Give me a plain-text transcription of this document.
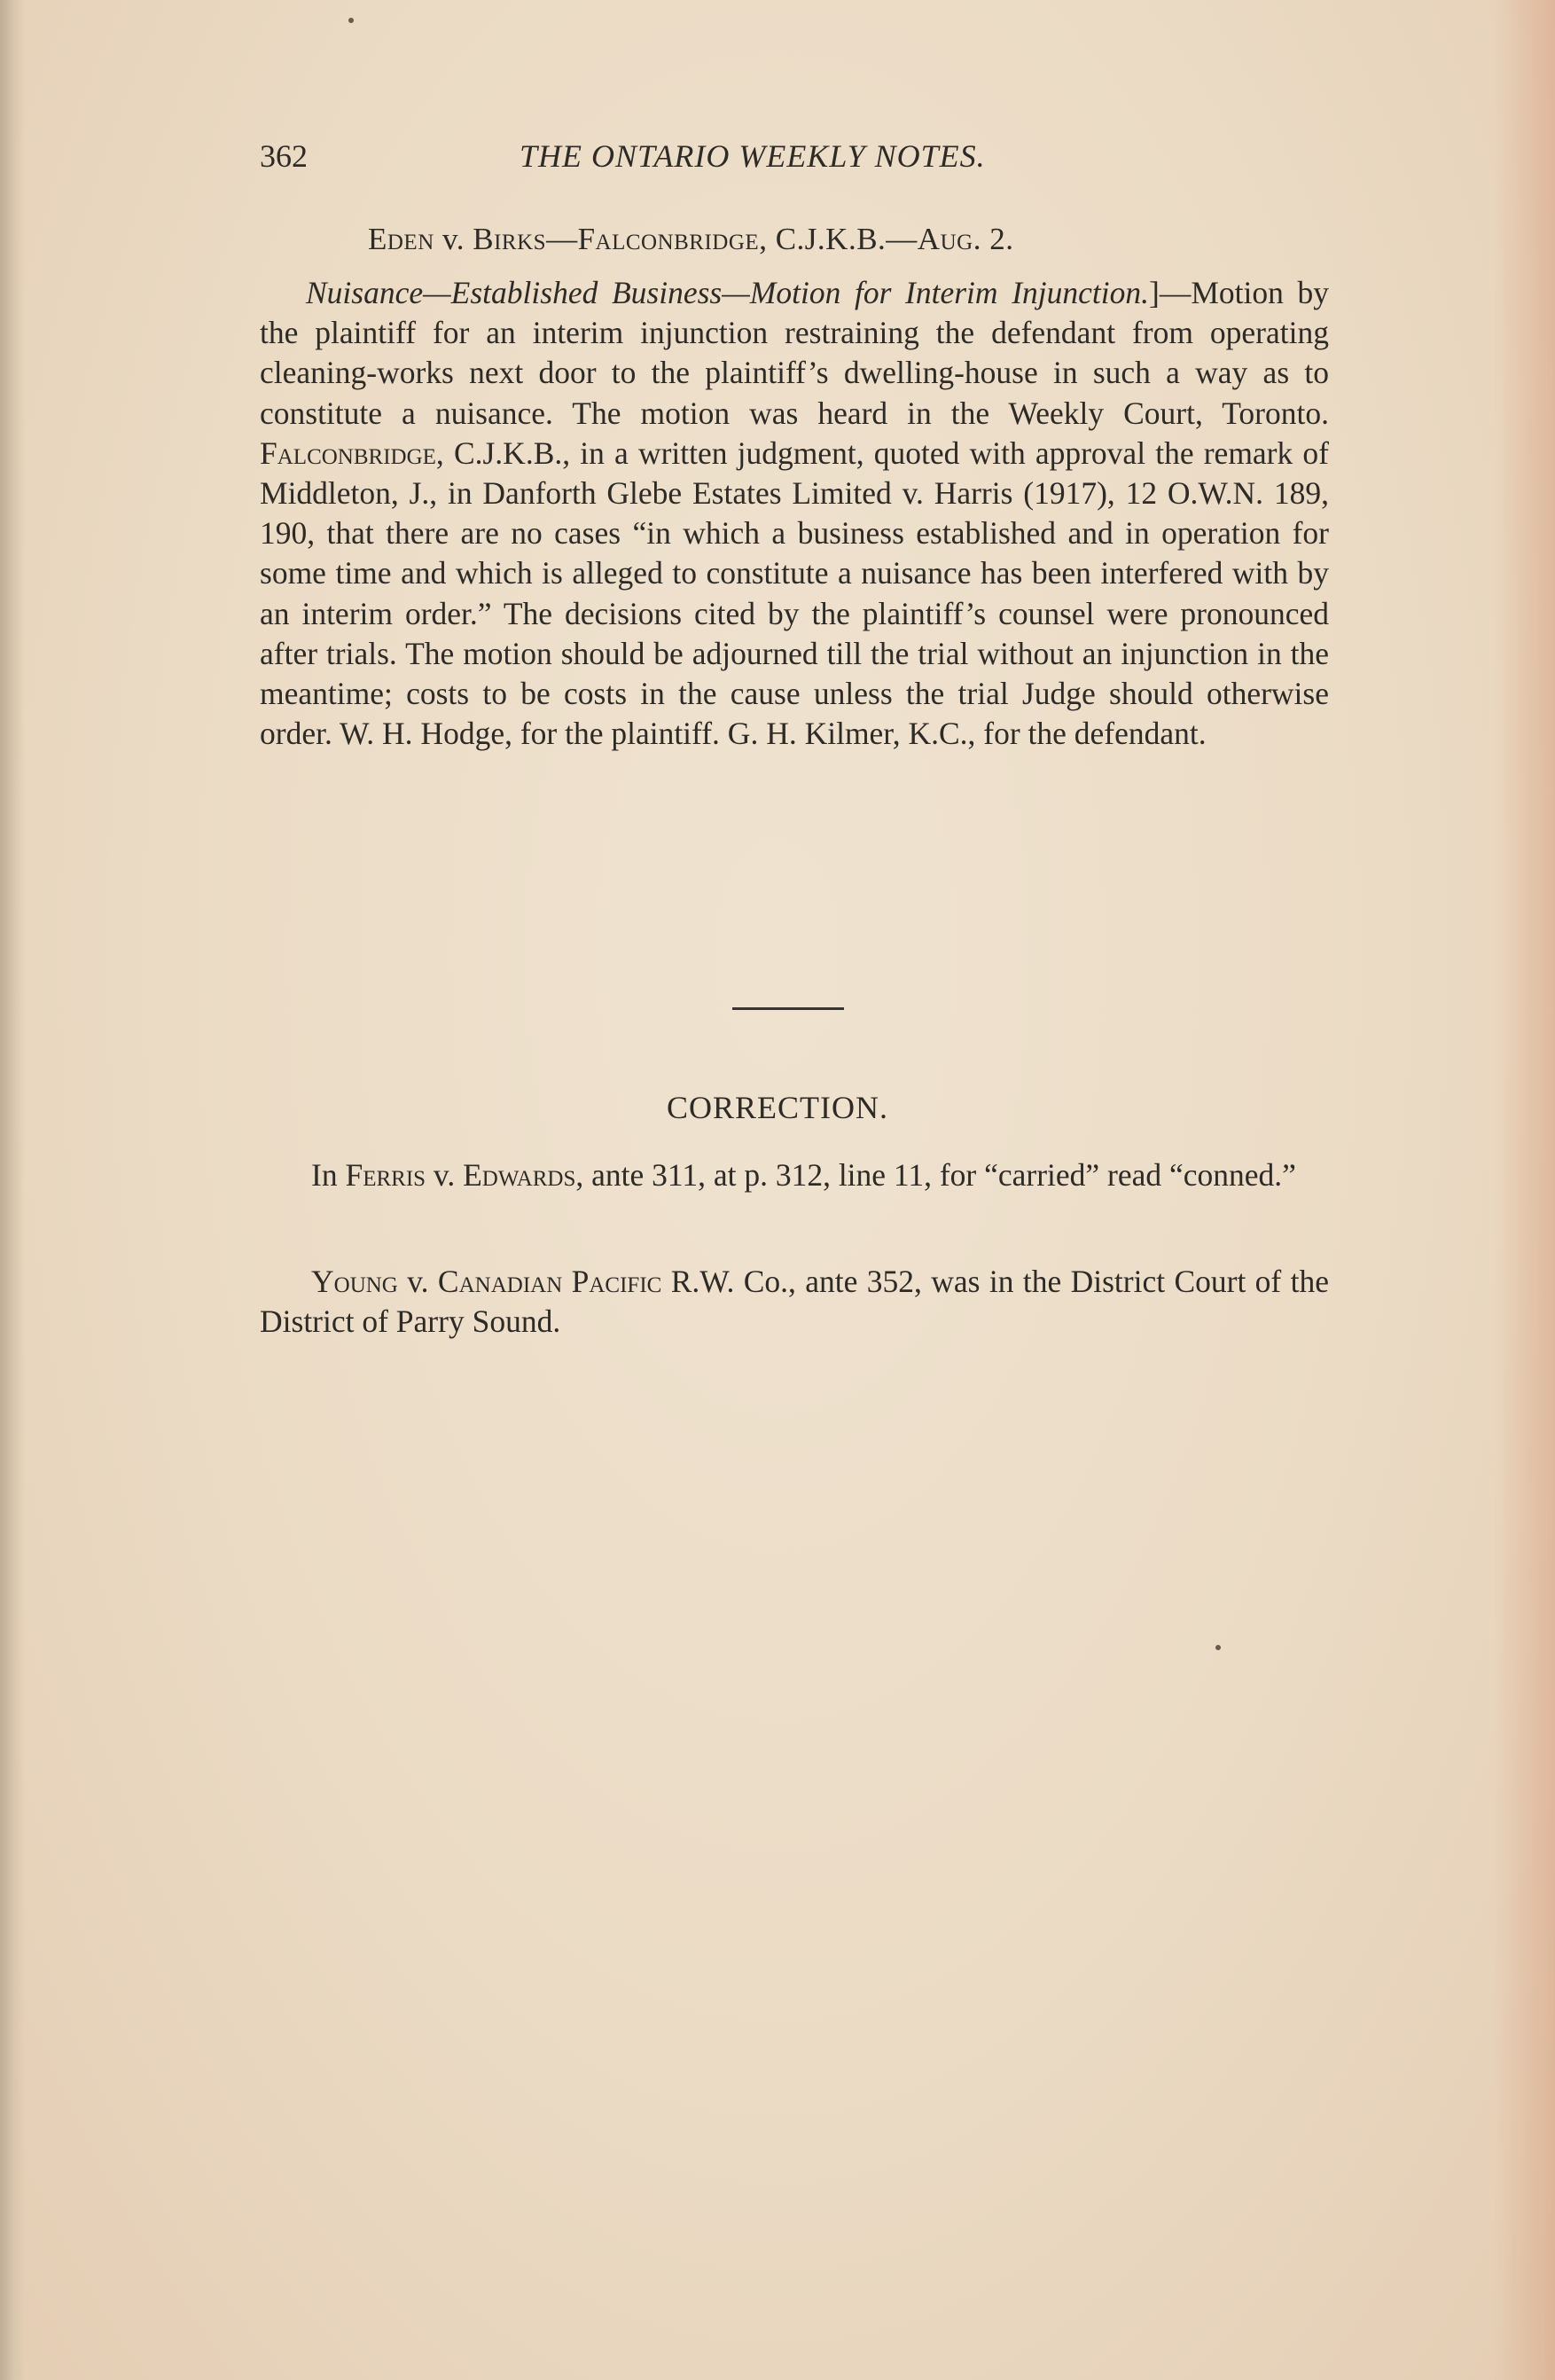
362	THE ONTARIO WEEKLY NOTES.
Eden v. Birks—Falconbridge, C.J.K.B.—Aug. 2.

Nuisance—Established Business—Motion for Interim Injunction.]—Motion by the plaintiff for an interim injunction restraining the defendant from operating cleaning-works next door to the plaintiff’s dwelling-house in such a way as to constitute a nuisance. The motion was heard in the Weekly Court, Toronto. Falconbridge, C.J.K.B., in a written judgment, quoted with approval the remark of Middleton, J., in Danforth Glebe Estates Limited v. Harris (1917), 12 O.W.N. 189, 190, that there are no cases “in which a business established and in operation for some time and which is alleged to constitute a nuisance has been interfered with by an interim order.” The decisions cited by the plaintiff’s counsel were pronounced after trials. The motion should be adjourned till the trial without an injunction in the meantime; costs to be costs in the cause unless the trial Judge should otherwise order. W. H. Hodge, for the plaintiff. G. H. Kilmer, K.C., for the defendant.

CORRECTION.

In Ferris v. Edwards, ante 311, at p. 312, line 11, for “carried” read “conned.”

Young v. Canadian Pacific R.W. Co., ante 352, was in the District Court of the District of Parry Sound.
